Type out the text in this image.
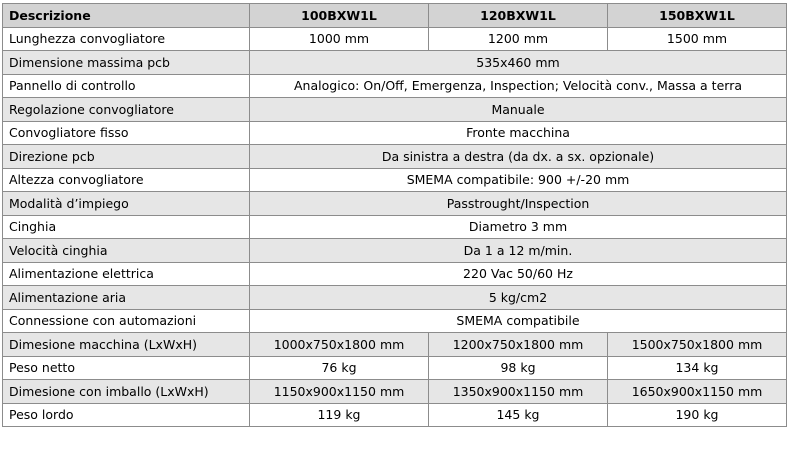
Descrizione	100BXW1L	120BXW1L	150BXW1L
Lunghezza convogliatore	1000 mm	1200 mm	1500 mm
Dimensione massima pcb	535x460 mm		
Pannello di controllo	Analogico: On/Off, Emergenza, Inspection; Velocità conv., Massa a terra		
Regolazione convogliatore	Manuale		
Convogliatore fisso	Fronte macchina		
Direzione pcb	Da sinistra a destra (da dx. a sx. opzionale)		
Altezza convogliatore	SMEMA compatibile: 900 +/-20 mm		
Modalità d’impiego	Passtrought/Inspection		
Cinghia	Diametro 3 mm		
Velocità cinghia	Da 1 a 12 m/min.		
Alimentazione elettrica	220 Vac 50/60 Hz		
Alimentazione aria	5 kg/cm2		
Connessione con automazioni	SMEMA compatibile		
Dimesione macchina (LxWxH)	1000x750x1800 mm	1200x750x1800 mm	1500x750x1800 mm
Peso netto	76 kg	98 kg	134 kg
Dimesione con imballo (LxWxH)	1150x900x1150 mm	1350x900x1150 mm	1650x900x1150 mm
Peso lordo	119 kg	145 kg	190 kg
